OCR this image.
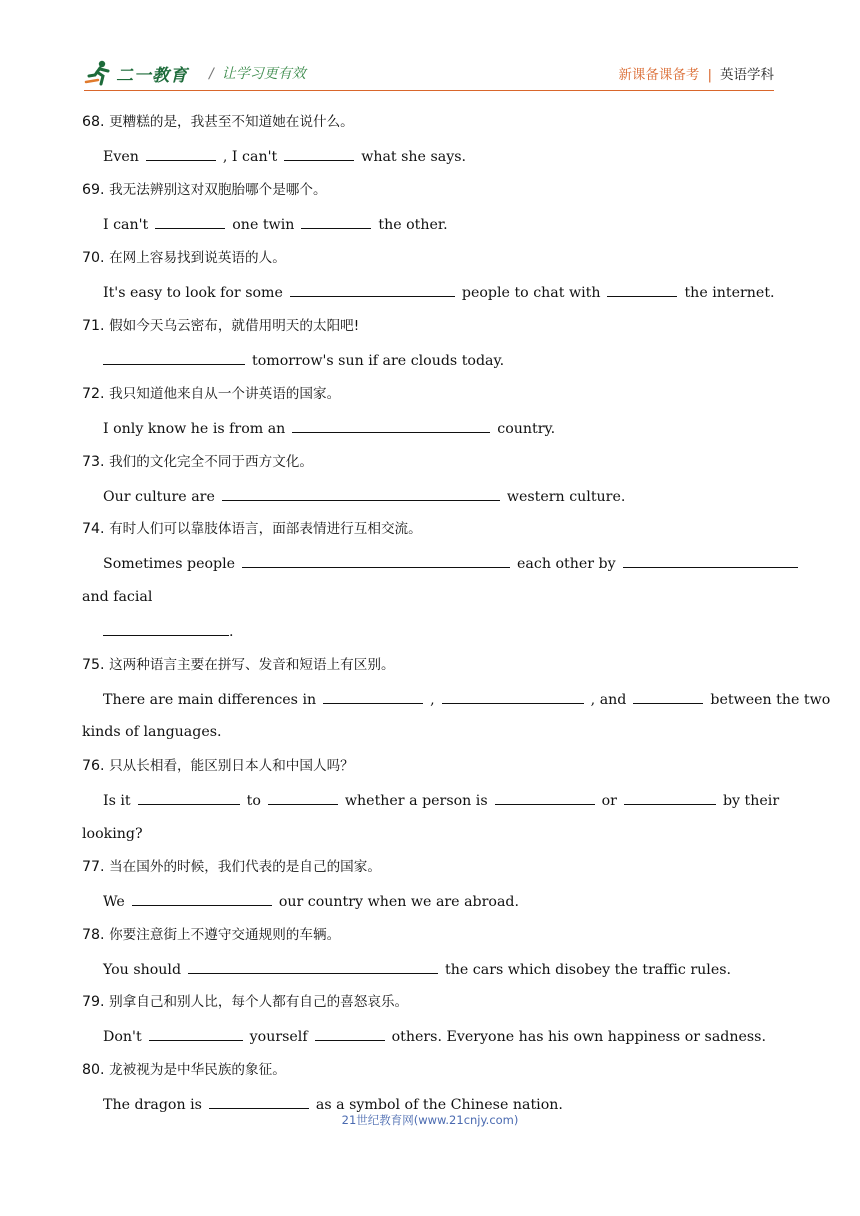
二一教育 / 让学习更有效	新课备课备考 | 英语学科
68. 更糟糕的是，我甚至不知道她在说什么。
Even	, I can't	what she says.
69. 我无法辨别这对双胞胎哪个是哪个。
I can't	one twin	the other.
70. 在网上容易找到说英语的人。
It's easy to look for some	people to chat with	the internet.
71. 假如今天乌云密布，就借用明天的太阳吧!
tomorrow's sun if are clouds today.
72. 我只知道他来自从一个讲英语的国家。
I only know he is from an	country.
73. 我们的文化完全不同于西方文化。
Our culture are	western culture.
74. 有时人们可以靠肢体语言，面部表情进行互相交流。
Sometimes people	each other by
and facial
.
75. 这两种语言主要在拼写、发音和短语上有区别。
There are main differences in	,	, and	between the two
kinds of languages.
76. 只从长相看，能区别日本人和中国人吗？
Is it	to	whether a person is	or	by their
looking?
77. 当在国外的时候，我们代表的是自己的国家。
We	our country when we are abroad.
78. 你要注意街上不遵守交通规则的车辆。
You should	the cars which disobey the traffic rules.
79. 别拿自己和别人比，每个人都有自己的喜怒哀乐。
Don't	yourself	others. Everyone has his own happiness or sadness.
80. 龙被视为是中华民族的象征。
The dragon is	as a symbol of the Chinese nation.
21世纪教育网(www.21cnjy.com)
